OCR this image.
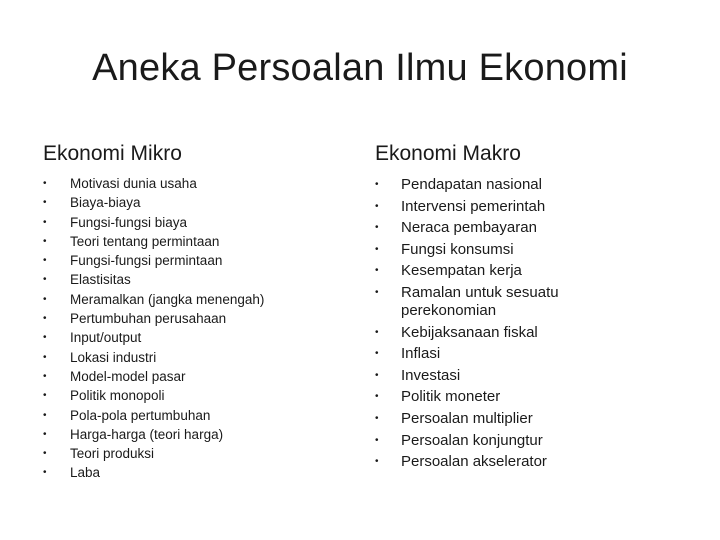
Aneka Persoalan Ilmu Ekonomi
Ekonomi Mikro
• Motivasi dunia usaha
• Biaya-biaya
• Fungsi-fungsi biaya
• Teori tentang permintaan
• Fungsi-fungsi permintaan
• Elastisitas
• Meramalkan (jangka menengah)
• Pertumbuhan perusahaan
• Input/output
• Lokasi industri
• Model-model pasar
• Politik monopoli
• Pola-pola pertumbuhan
• Harga-harga (teori harga)
• Teori produksi
• Laba
Ekonomi Makro
• Pendapatan nasional
• Intervensi pemerintah
• Neraca pembayaran
• Fungsi konsumsi
• Kesempatan kerja
• Ramalan untuk sesuatu perekonomian
• Kebijaksanaan fiskal
• Inflasi
• Investasi
• Politik moneter
• Persoalan multiplier
• Persoalan konjungtur
• Persoalan akselerator
